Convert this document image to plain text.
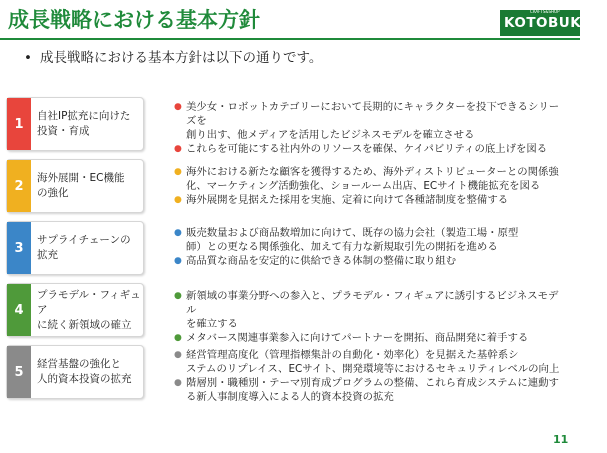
成長戦略における基本方針	KOTOBUKIYA
CRAFTS&SHOP
• 成長戦略における基本方針は以下の通りです。
1
自社IP拡充に向けた
投資・育成
● 美少女・ロボットカテゴリーにおいて長期的にキャラクターを投下できるシリーズを
創り出す、他メディアを活用したビジネスモデルを確立させる
● これらを可能にする社内外のリソースを確保、ケイパビリティの底上げを図る
2
海外展開・EC機能
の強化
● 海外における新たな顧客を獲得するため、海外ディストリビューターとの関係強
化、マーケティング活動強化、ショールーム出店、ECサイト機能拡充を図る
● 海外展開を見据えた採用を実施、定着に向けて各種諸制度を整備する
3
サプライチェーンの拡充
● 販売数量および商品数増加に向けて、既存の協力会社（製造工場・原型
師）との更なる関係強化、加えて有力な新規取引先の開拓を進める
● 高品質な商品を安定的に供給できる体制の整備に取り組む
4
プラモデル・フィギュア
に続く新領域の確立
● 新領域の事業分野への参入と、プラモデル・フィギュアに誘引するビジネスモデル
を確立する
● メタバース関連事業参入に向けてパートナーを開拓、商品開発に着手する
5
経営基盤の強化と
人的資本投資の拡充
● 経営管理高度化（管理指標集計の自動化・効率化）を見据えた基幹系シ
ステムのリプレイス、ECサイト、開発環境等におけるセキュリティレベルの向上
● 階層別・職種別・テーマ別育成プログラムの整備、これら育成システムに連動す
る新人事制度導入による人的資本投資の拡充
11
